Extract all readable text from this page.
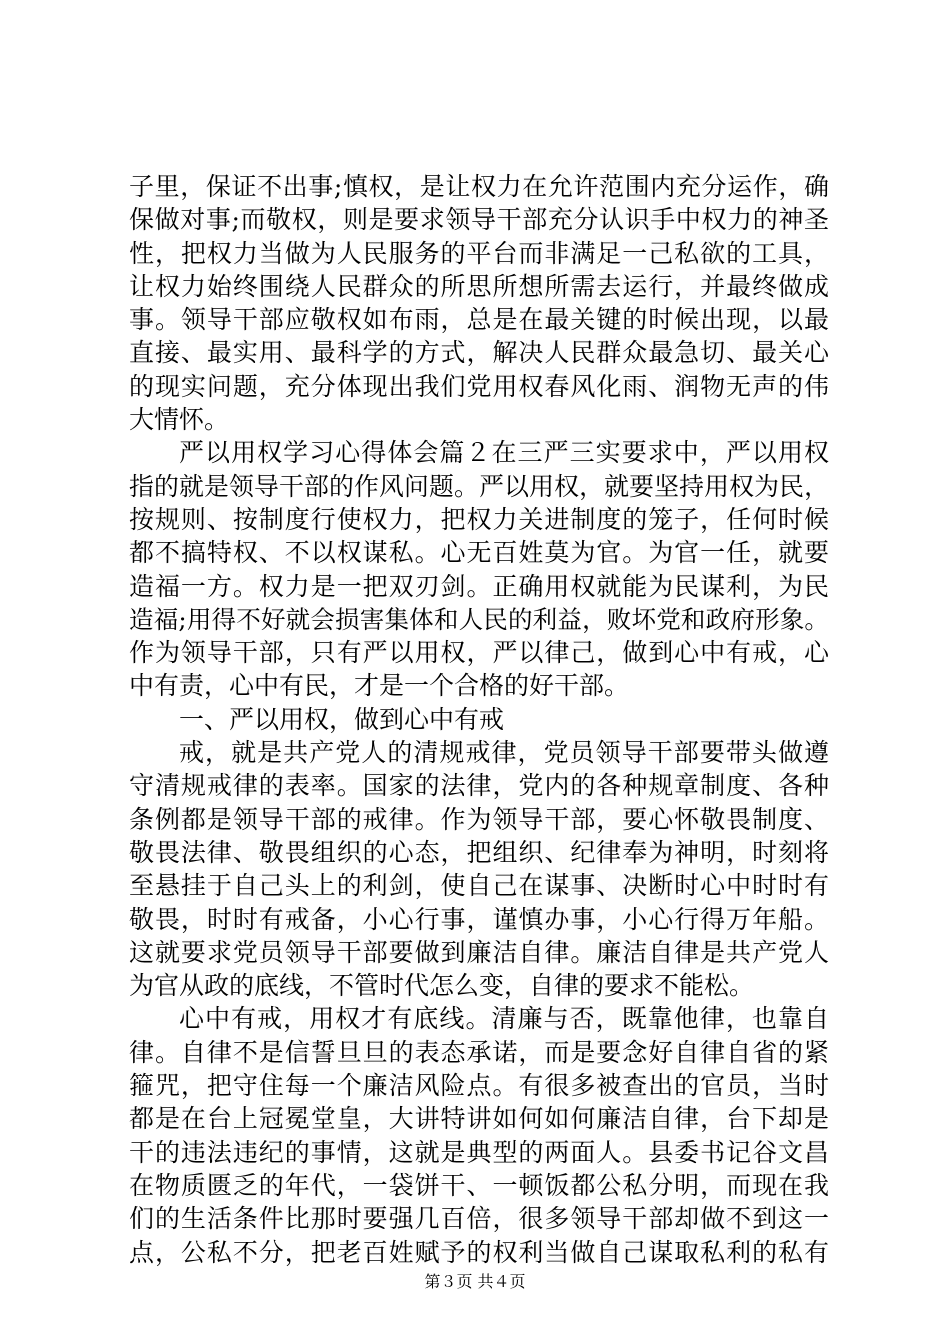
子里，保证不出事;慎权，是让权力在允许范围内充分运作，确
保做对事;而敬权，则是要求领导干部充分认识手中权力的神圣
性，把权力当做为人民服务的平台而非满足一己私欲的工具，
让权力始终围绕人民群众的所思所想所需去运行，并最终做成
事。领导干部应敬权如布雨，总是在最关键的时候出现，以最
直接、最实用、最科学的方式，解决人民群众最急切、最关心
的现实问题，充分体现出我们党用权春风化雨、润物无声的伟
大情怀。
严以用权学习心得体会篇２在三严三实要求中，严以用权
指的就是领导干部的作风问题。严以用权，就要坚持用权为民，
按规则、按制度行使权力，把权力关进制度的笼子，任何时候
都不搞特权、不以权谋私。心无百姓莫为官。为官一任，就要
造福一方。权力是一把双刃剑。正确用权就能为民谋利，为民
造福;用得不好就会损害集体和人民的利益，败坏党和政府形象。
作为领导干部，只有严以用权，严以律己，做到心中有戒，心
中有责，心中有民，才是一个合格的好干部。
一、严以用权，做到心中有戒
戒，就是共产党人的清规戒律，党员领导干部要带头做遵
守清规戒律的表率。国家的法律，党内的各种规章制度、各种
条例都是领导干部的戒律。作为领导干部，要心怀敬畏制度、
敬畏法律、敬畏组织的心态，把组织、纪律奉为神明，时刻将
至悬挂于自己头上的利剑，使自己在谋事、决断时心中时时有
敬畏，时时有戒备，小心行事，谨慎办事，小心行得万年船。
这就要求党员领导干部要做到廉洁自律。廉洁自律是共产党人
为官从政的底线，不管时代怎么变，自律的要求不能松。
心中有戒，用权才有底线。清廉与否，既靠他律，也靠自
律。自律不是信誓旦旦的表态承诺，而是要念好自律自省的紧
箍咒，把守住每一个廉洁风险点。有很多被查出的官员，当时
都是在台上冠冕堂皇，大讲特讲如何如何廉洁自律，台下却是
干的违法违纪的事情，这就是典型的两面人。县委书记谷文昌
在物质匮乏的年代，一袋饼干、一顿饭都公私分明，而现在我
们的生活条件比那时要强几百倍，很多领导干部却做不到这一
点，公私不分，把老百姓赋予的权利当做自己谋取私利的私有
第３页 共４页
